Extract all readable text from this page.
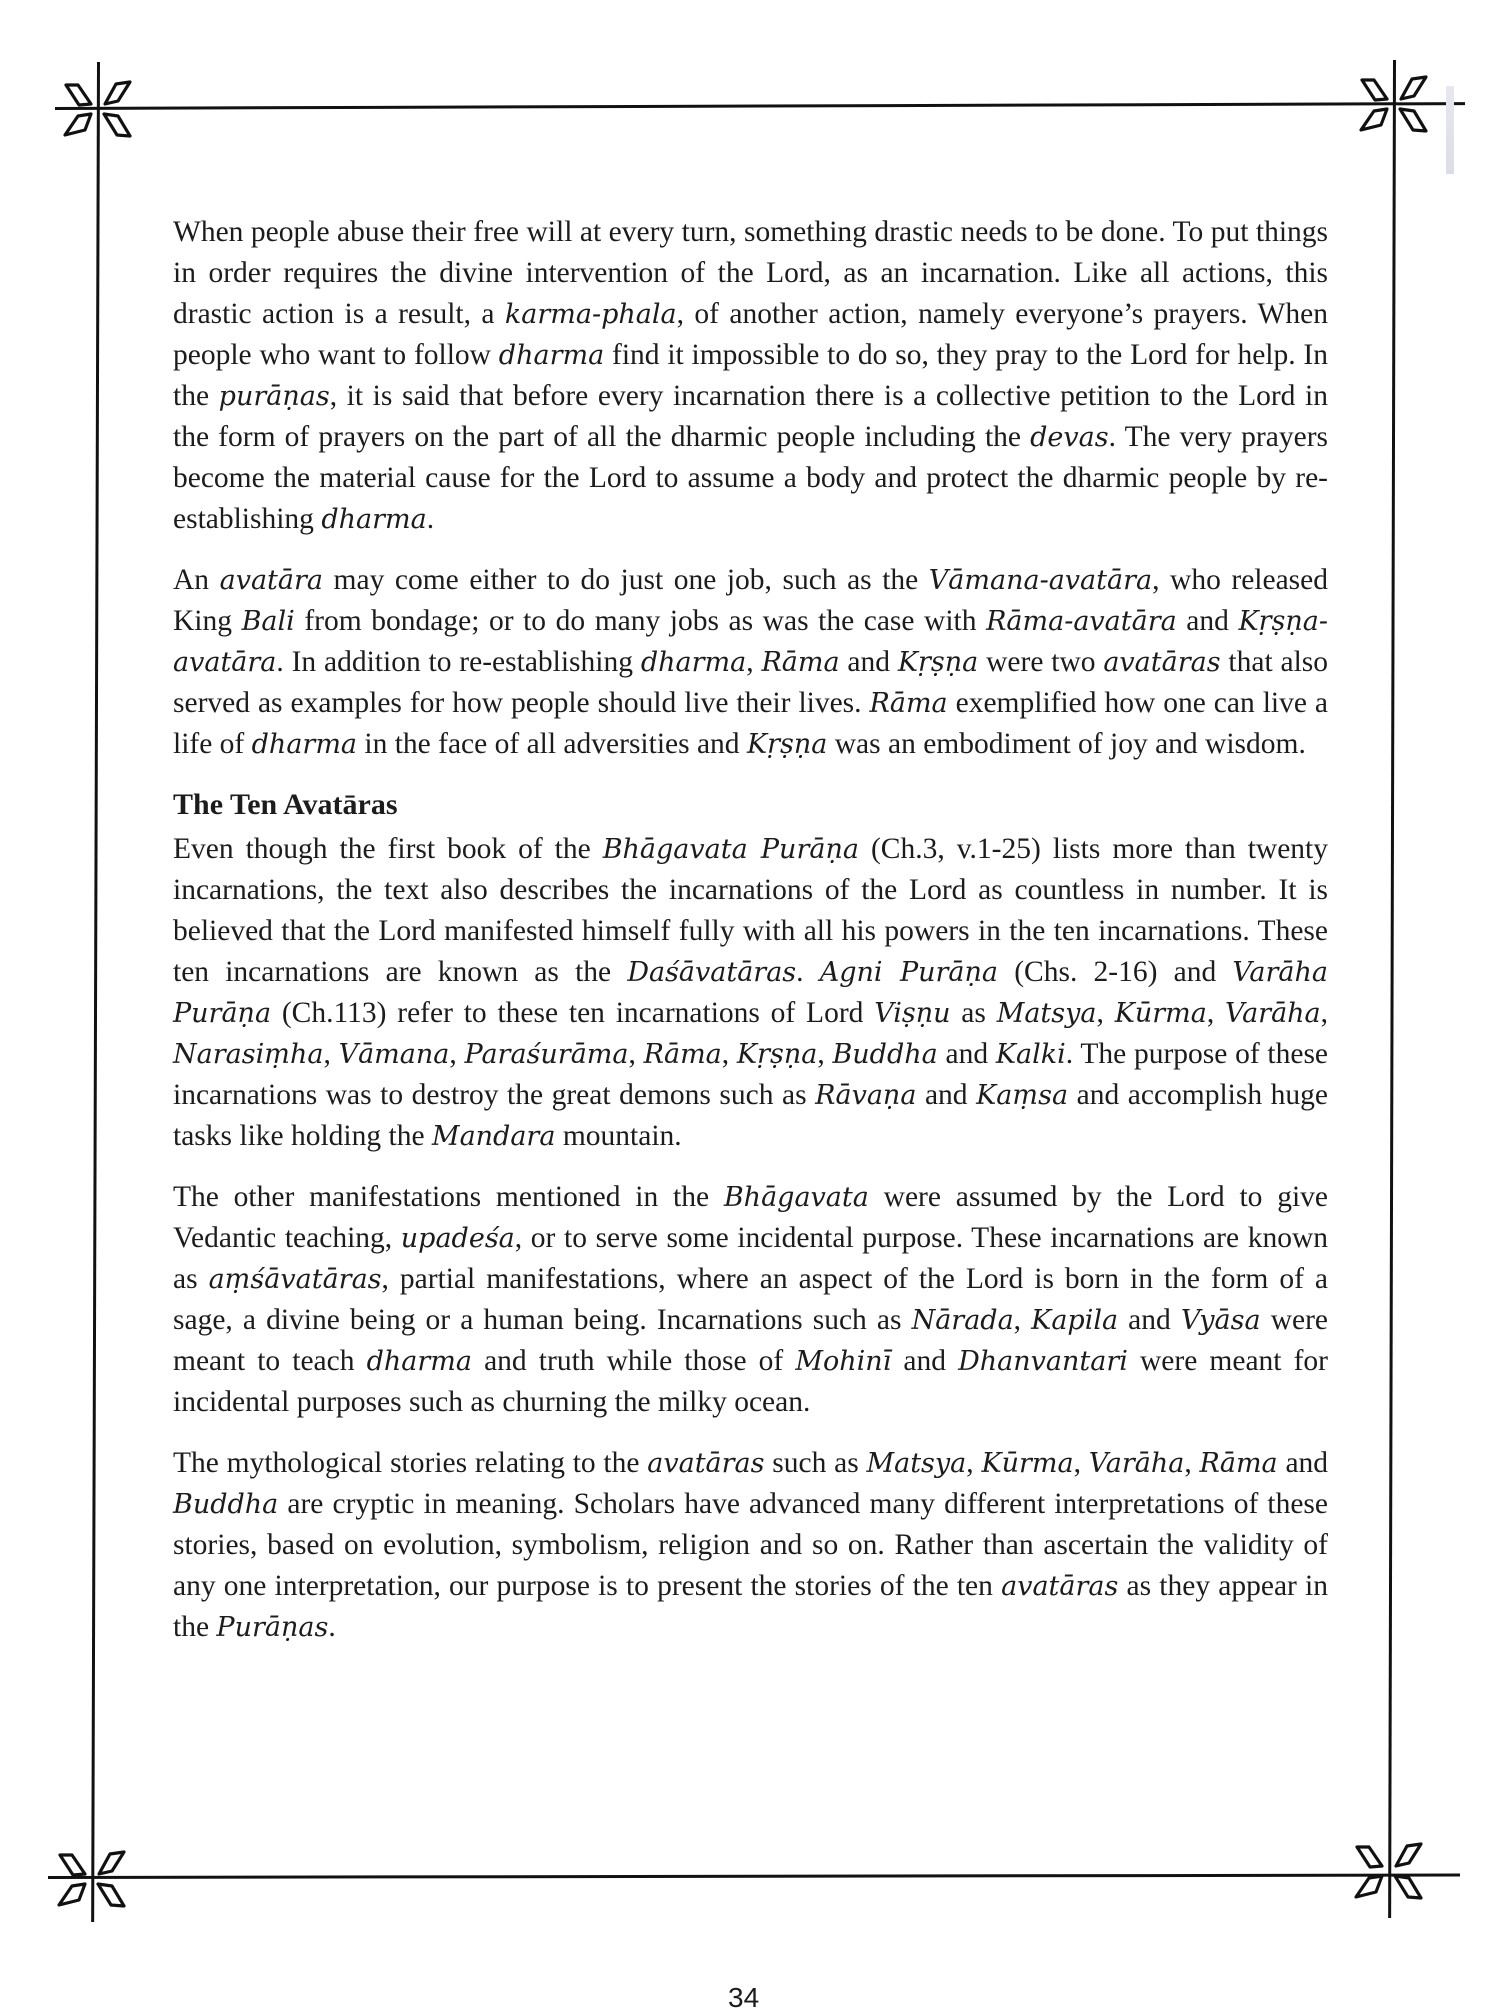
When people abuse their free will at every turn, something drastic needs to be done. To put things in order requires the divine intervention of the Lord, as an incarnation. Like all actions, this drastic action is a result, a karma-phala, of another action, namely everyone’s prayers. When people who want to follow dharma find it impossible to do so, they pray to the Lord for help. In the purāṇas, it is said that before every incarnation there is a collective petition to the Lord in the form of prayers on the part of all the dharmic people including the devas. The very prayers become the material cause for the Lord to assume a body and protect the dharmic people by re-establishing dharma.

An avatāra may come either to do just one job, such as the Vāmana-avatāra, who released King Bali from bondage; or to do many jobs as was the case with Rāma-avatāra and Kṛṣṇa-avatāra. In addition to re-establishing dharma, Rāma and Kṛṣṇa were two avatāras that also served as examples for how people should live their lives. Rāma exemplified how one can live a life of dharma in the face of all adversities and Kṛṣṇa was an embodiment of joy and wisdom.

The Ten Avatāras

Even though the first book of the Bhāgavata Purāṇa (Ch.3, v.1-25) lists more than twenty incarnations, the text also describes the incarnations of the Lord as countless in number. It is believed that the Lord manifested himself fully with all his powers in the ten incarnations. These ten incarnations are known as the Daśāvatāras. Agni Purāṇa (Chs. 2-16) and Varāha Purāṇa (Ch.113) refer to these ten incarnations of Lord Viṣṇu as Matsya, Kūrma, Varāha, Narasiṃha, Vāmana, Paraśurāma, Rāma, Kṛṣṇa, Buddha and Kalki. The purpose of these incarnations was to destroy the great demons such as Rāvaṇa and Kaṃsa and accomplish huge tasks like holding the Mandara mountain.

The other manifestations mentioned in the Bhāgavata were assumed by the Lord to give Vedantic teaching, upadeśa, or to serve some incidental purpose. These incarnations are known as aṃśāvatāras, partial manifestations, where an aspect of the Lord is born in the form of a sage, a divine being or a human being. Incarnations such as Nārada, Kapila and Vyāsa were meant to teach dharma and truth while those of Mohinī and Dhanvantari were meant for incidental purposes such as churning the milky ocean.

The mythological stories relating to the avatāras such as Matsya, Kūrma, Varāha, Rāma and Buddha are cryptic in meaning. Scholars have advanced many different interpretations of these stories, based on evolution, symbolism, religion and so on. Rather than ascertain the validity of any one interpretation, our purpose is to present the stories of the ten avatāras as they appear in the Purāṇas.

34
